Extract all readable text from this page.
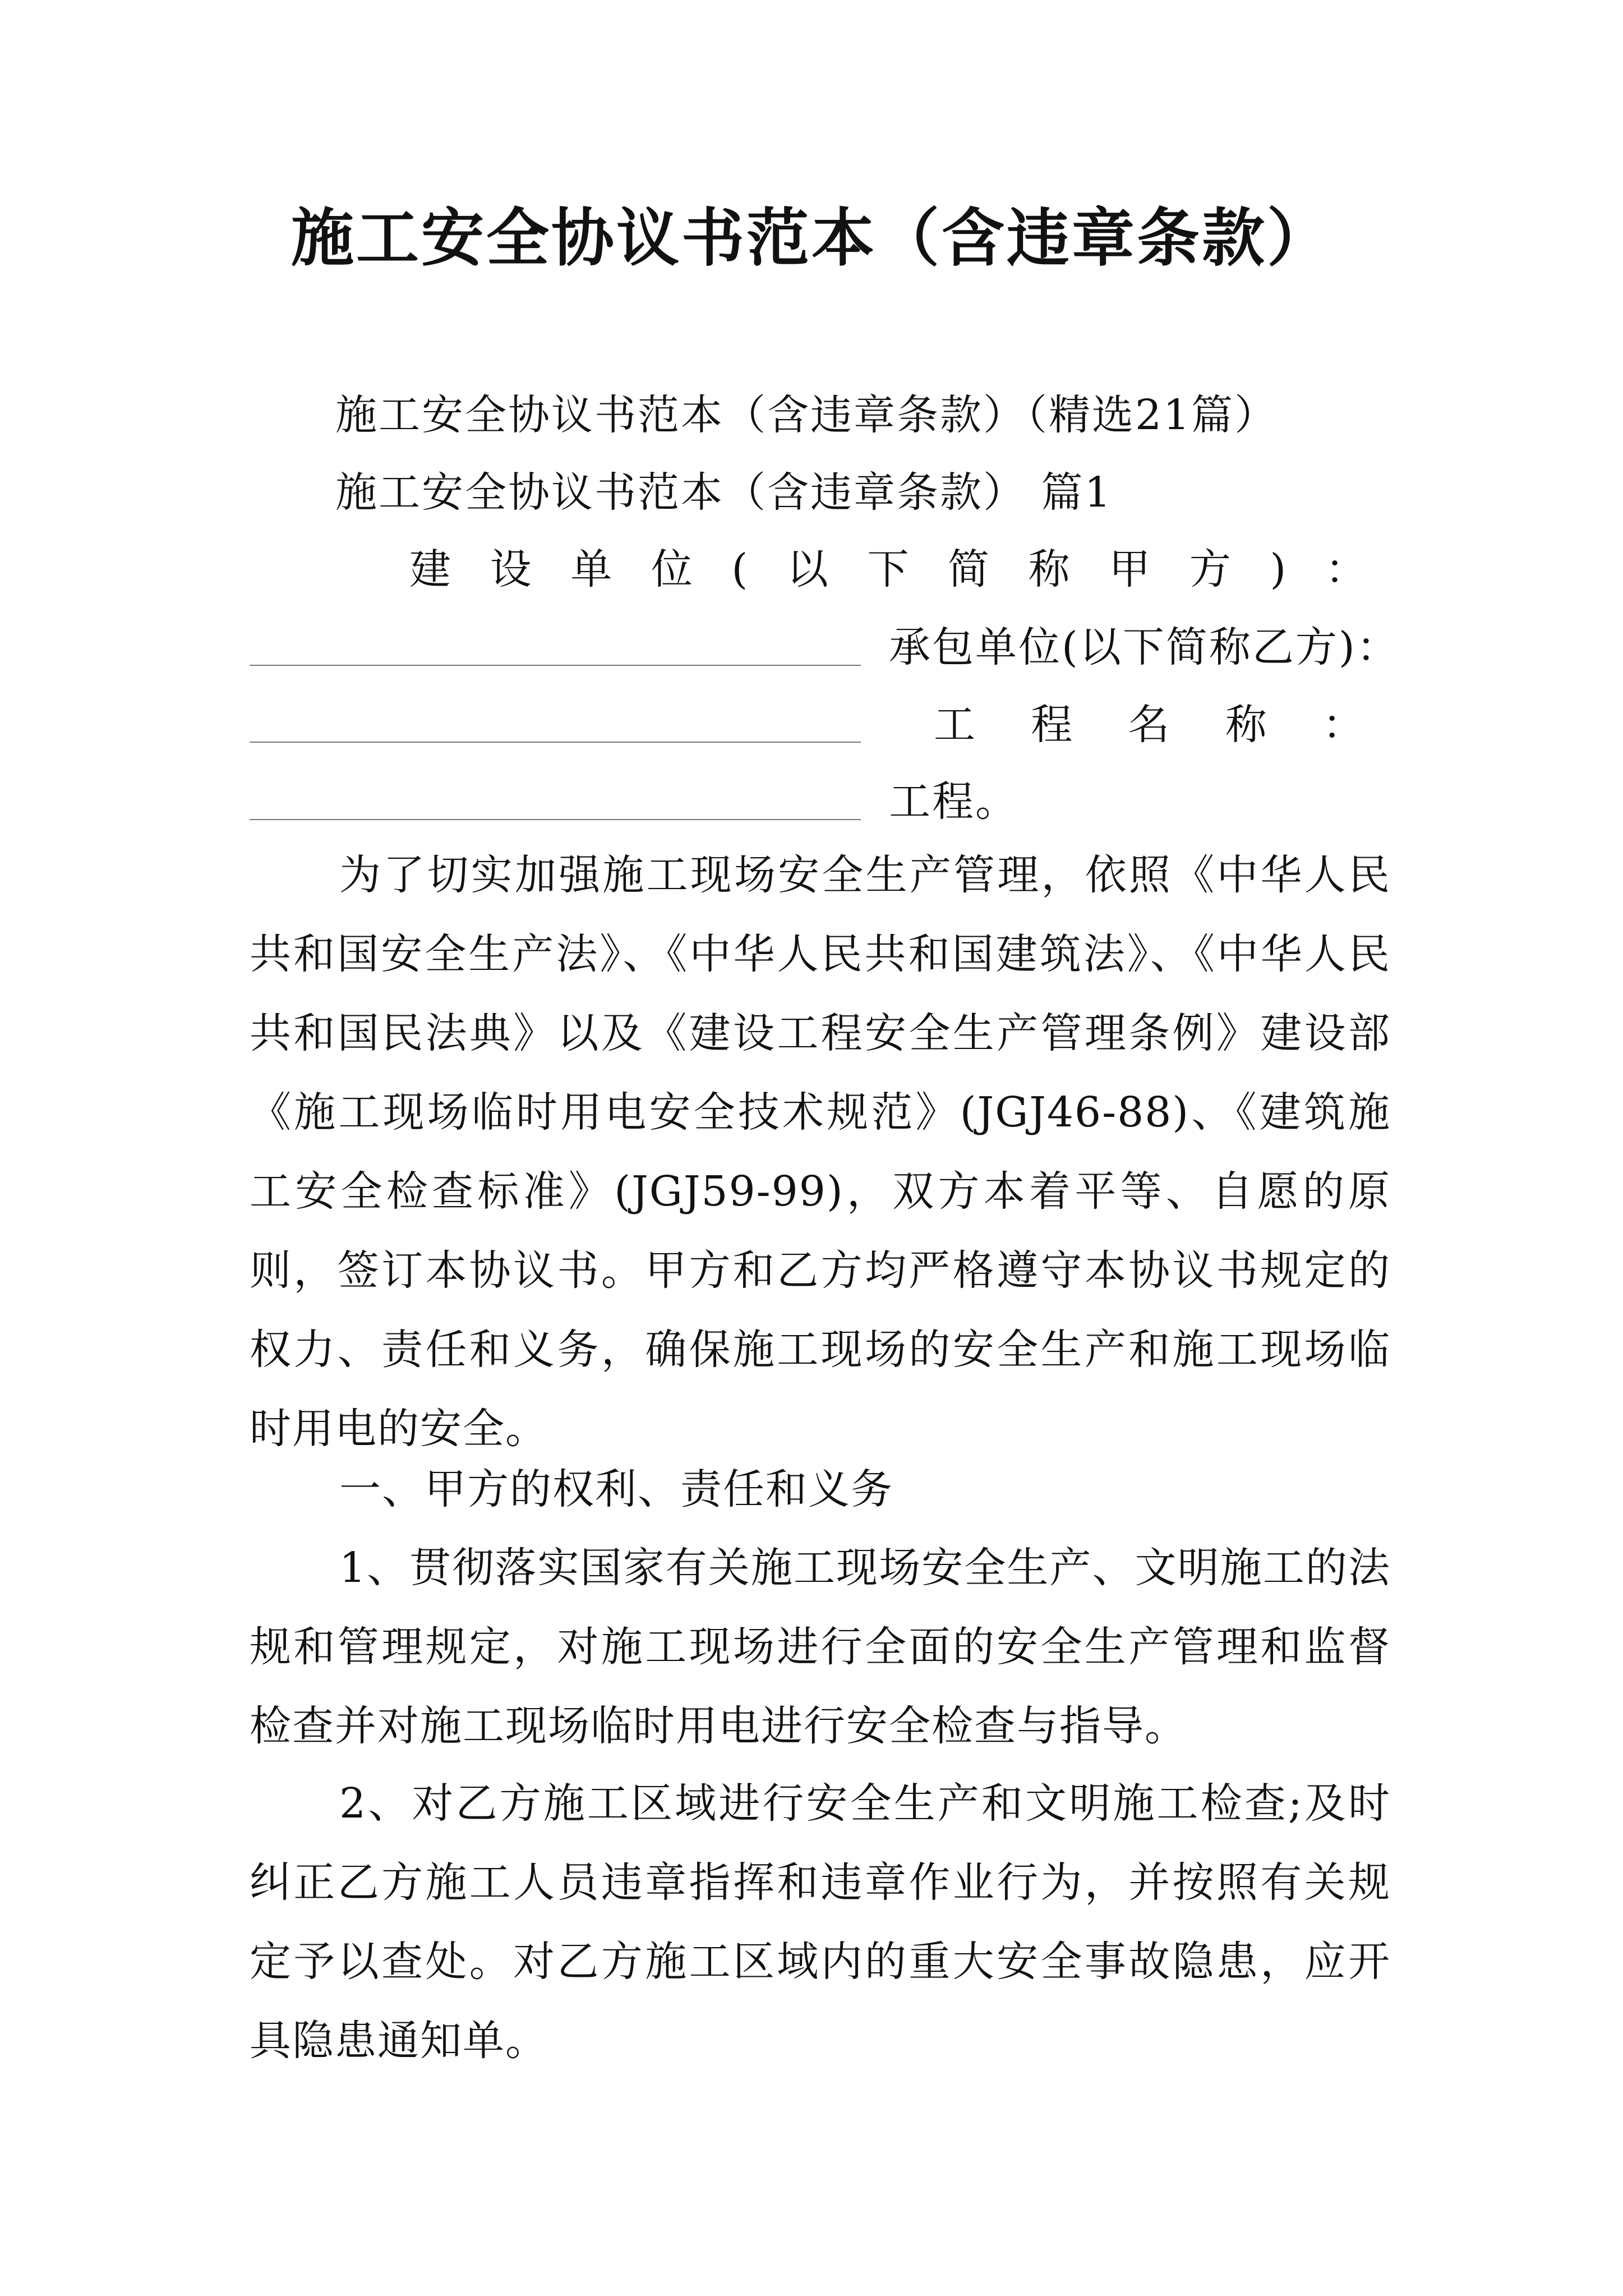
施工安全协议书范本（含违章条款）
施工安全协议书范本（含违章条款）（精选21篇）
施工安全协议书范本（含违章条款） 篇1
建 设 单 位 ( 以 下 简 称 甲 方 ) ：
承包单位(以下简称乙方)：
工 程 名 称 ：
工程。

为了切实加强施工现场安全生产管理，依照《中华人民共和国安全生产法》、《中华人民共和国建筑法》、《中华人民共和国民法典》以及《建设工程安全生产管理条例》建设部《施工现场临时用电安全技术规范》(JGJ46-88)、《建筑施工安全检查标准》(JGJ59-99)，双方本着平等、自愿的原则，签订本协议书。甲方和乙方均严格遵守本协议书规定的权力、责任和义务，确保施工现场的安全生产和施工现场临时用电的安全。

一、甲方的权利、责任和义务

1、贯彻落实国家有关施工现场安全生产、文明施工的法规和管理规定，对施工现场进行全面的安全生产管理和监督检查并对施工现场临时用电进行安全检查与指导。

2、对乙方施工区域进行安全生产和文明施工检查;及时纠正乙方施工人员违章指挥和违章作业行为，并按照有关规定予以查处。对乙方施工区域内的重大安全事故隐患，应开具隐患通知单。
